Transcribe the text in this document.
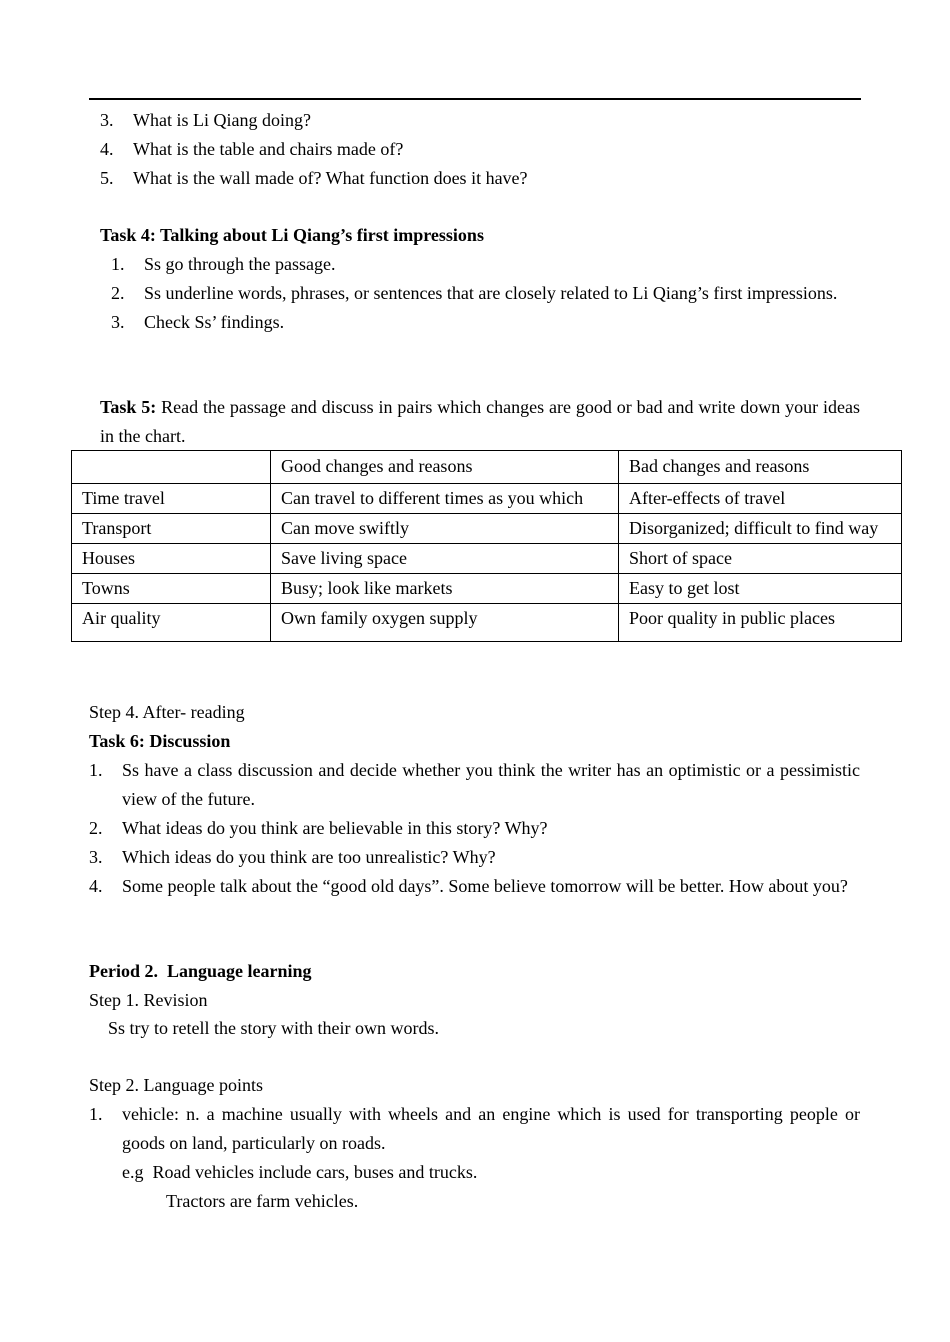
3.	What is Li Qiang doing?
4.	What is the table and chairs made of?
5.	What is the wall made of? What function does it have?
Task 4: Talking about Li Qiang’s first impressions
1.	Ss go through the passage.
2.	Ss underline words, phrases, or sentences that are closely related to Li Qiang’s first impressions.
3.	Check Ss’ findings.
Task 5: Read the passage and discuss in pairs which changes are good or bad and write down your ideas in the chart.
	Good changes and reasons	Bad changes and reasons
Time travel	Can travel to different times as you which	After-effects of travel
Transport	Can move swiftly	Disorganized; difficult to find way
Houses	Save living space	Short of space
Towns	Busy; look like markets	Easy to get lost
Air quality	Own family oxygen supply	Poor quality in public places
Step 4. After- reading
Task 6: Discussion
1.	Ss have a class discussion and decide whether you think the writer has an optimistic or a pessimistic view of the future.
2.	What ideas do you think are believable in this story? Why?
3.	Which ideas do you think are too unrealistic? Why?
4.	Some people talk about the “good old days”. Some believe tomorrow will be better. How about you?
Period 2.  Language learning
Step 1. Revision
Ss try to retell the story with their own words.
Step 2. Language points
1.	vehicle: n. a machine usually with wheels and an engine which is used for transporting people or goods on land, particularly on roads.
e.g  Road vehicles include cars, buses and trucks.
Tractors are farm vehicles.
